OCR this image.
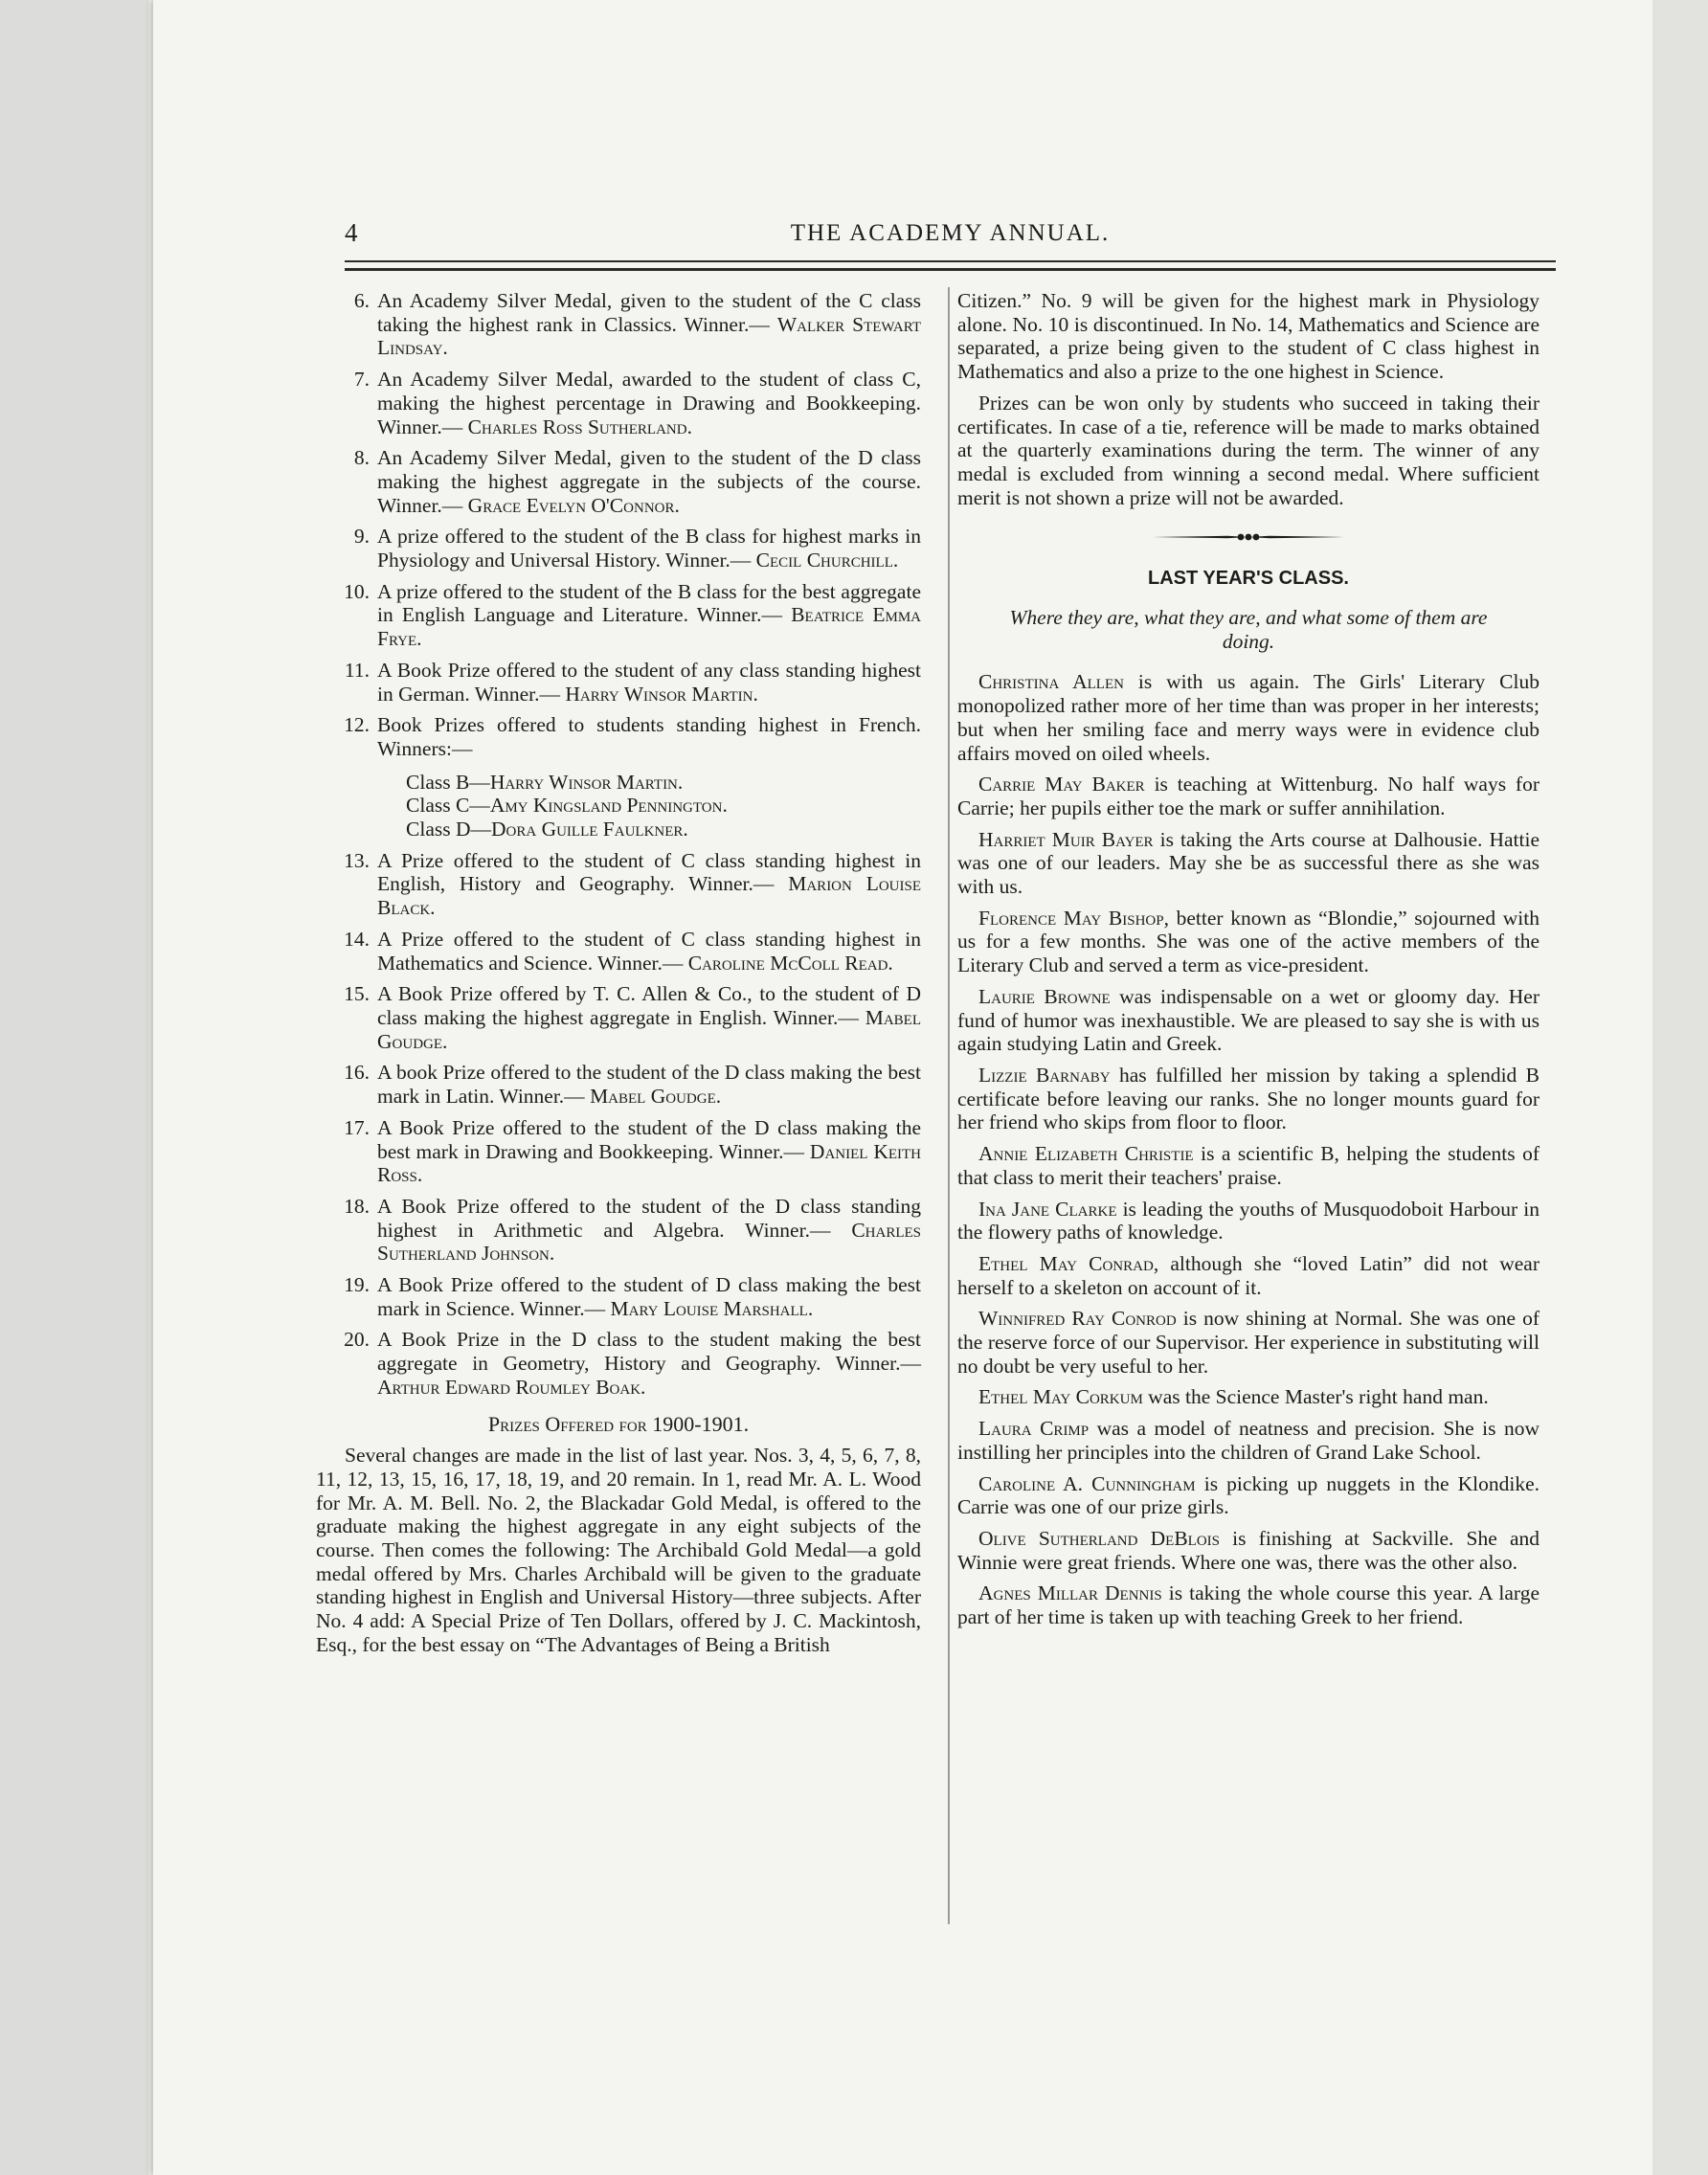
4	THE ACADEMY ANNUAL.
6. An Academy Silver Medal, given to the student of the C class taking the highest rank in Classics. Winner.— Walker Stewart Lindsay.
7. An Academy Silver Medal, awarded to the student of class C, making the highest percentage in Drawing and Bookkeeping. Winner.— Charles Ross Sutherland.
8. An Academy Silver Medal, given to the student of the D class making the highest aggregate in the subjects of the course. Winner.— Grace Evelyn O'Connor.
9. A prize offered to the student of the B class for highest marks in Physiology and Universal History. Winner.— Cecil Churchill.
10. A prize offered to the student of the B class for the best aggregate in English Language and Literature. Winner.— Beatrice Emma Frye.
11. A Book Prize offered to the student of any class standing highest in German. Winner.— Harry Winsor Martin.
12. Book Prizes offered to students standing highest in French. Winners:—
Class B—Harry Winsor Martin.
Class C—Amy Kingsland Pennington.
Class D—Dora Guille Faulkner.
13. A Prize offered to the student of C class standing highest in English, History and Geography. Winner.— Marion Louise Black.
14. A Prize offered to the student of C class standing highest in Mathematics and Science. Winner.— Caroline McColl Read.
15. A Book Prize offered by T. C. Allen & Co., to the student of D class making the highest aggregate in English. Winner.— Mabel Goudge.
16. A book Prize offered to the student of the D class making the best mark in Latin. Winner.— Mabel Goudge.
17. A Book Prize offered to the student of the D class making the best mark in Drawing and Bookkeeping. Winner.— Daniel Keith Ross.
18. A Book Prize offered to the student of the D class standing highest in Arithmetic and Algebra. Winner.— Charles Sutherland Johnson.
19. A Book Prize offered to the student of D class making the best mark in Science. Winner.— Mary Louise Marshall.
20. A Book Prize in the D class to the student making the best aggregate in Geometry, History and Geography. Winner.— Arthur Edward Roumley Boak.
Prizes Offered for 1900-1901.
Several changes are made in the list of last year. Nos. 3, 4, 5, 6, 7, 8, 11, 12, 13, 15, 16, 17, 18, 19, and 20 remain. In 1, read Mr. A. L. Wood for Mr. A. M. Bell. No. 2, the Blackadar Gold Medal, is offered to the graduate making the highest aggregate in any eight subjects of the course. Then comes the following: The Archibald Gold Medal—a gold medal offered by Mrs. Charles Archibald will be given to the graduate standing highest in English and Universal History—three subjects. After No. 4 add: A Special Prize of Ten Dollars, offered by J. C. Mackintosh, Esq., for the best essay on “The Advantages of Being a British
Citizen.” No. 9 will be given for the highest mark in Physiology alone. No. 10 is discontinued. In No. 14, Mathematics and Science are separated, a prize being given to the student of C class highest in Mathematics and also a prize to the one highest in Science.
Prizes can be won only by students who succeed in taking their certificates. In case of a tie, reference will be made to marks obtained at the quarterly examinations during the term. The winner of any medal is excluded from winning a second medal. Where sufficient merit is not shown a prize will not be awarded.
LAST YEAR'S CLASS.
Where they are, what they are, and what some of them are doing.
Christina Allen is with us again. The Girls' Literary Club monopolized rather more of her time than was proper in her interests; but when her smiling face and merry ways were in evidence club affairs moved on oiled wheels.
Carrie May Baker is teaching at Wittenburg. No half ways for Carrie; her pupils either toe the mark or suffer annihilation.
Harriet Muir Bayer is taking the Arts course at Dalhousie. Hattie was one of our leaders. May she be as successful there as she was with us.
Florence May Bishop, better known as “Blondie,” sojourned with us for a few months. She was one of the active members of the Literary Club and served a term as vice-president.
Laurie Browne was indispensable on a wet or gloomy day. Her fund of humor was inexhaustible. We are pleased to say she is with us again studying Latin and Greek.
Lizzie Barnaby has fulfilled her mission by taking a splendid B certificate before leaving our ranks. She no longer mounts guard for her friend who skips from floor to floor.
Annie Elizabeth Christie is a scientific B, helping the students of that class to merit their teachers' praise.
Ina Jane Clarke is leading the youths of Musquodoboit Harbour in the flowery paths of knowledge.
Ethel May Conrad, although she “loved Latin” did not wear herself to a skeleton on account of it.
Winnifred Ray Conrod is now shining at Normal. She was one of the reserve force of our Supervisor. Her experience in substituting will no doubt be very useful to her.
Ethel May Corkum was the Science Master's right hand man.
Laura Crimp was a model of neatness and precision. She is now instilling her principles into the children of Grand Lake School.
Caroline A. Cunningham is picking up nuggets in the Klondike. Carrie was one of our prize girls.
Olive Sutherland DeBlois is finishing at Sackville. She and Winnie were great friends. Where one was, there was the other also.
Agnes Millar Dennis is taking the whole course this year. A large part of her time is taken up with teaching Greek to her friend.
